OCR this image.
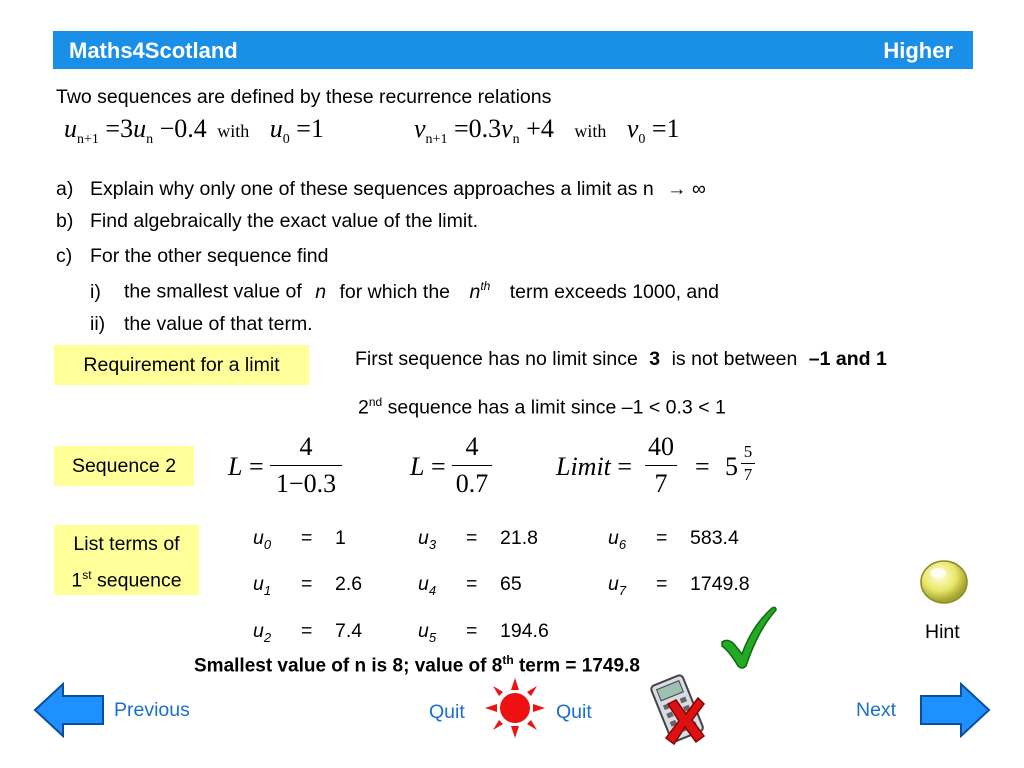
Maths4Scotland	Higher
Two sequences are defined by these recurrence relations
$u_{n+1} =3u_n -0.4$ with $u_0 =1$	$v_{n+1} =0.3v_n +4$ with $v_0 =1$
a) Explain why only one of these sequences approaches a limit as n → ∞
b) Find algebraically the exact value of the limit.
c) For the other sequence find
i) the smallest value of n for which the $n^{th}$ term exceeds 1000, and
ii) the value of that term.
Requirement for a limit
Sequence 2
List terms of
1st sequence
First sequence has no limit since 3 is not between –1 and 1
2nd sequence has a limit since –1 < 0.3 < 1
L =
4
1−0.3
L =
4
0.7
Limit =
40
7
= 5
5
7
$u_0 = 1$
$u_1 = 2.6$
$u_2 = 7.4$
$u_3 = 21.8$
$u_4 = 65$
$u_5 = 194.6$
$u_6 = 583.4$
$u_7 = 1749.8$
Smallest value of n is 8; value of 8th term = 1749.8
Hint
Previous	Quit	Quit	Next
